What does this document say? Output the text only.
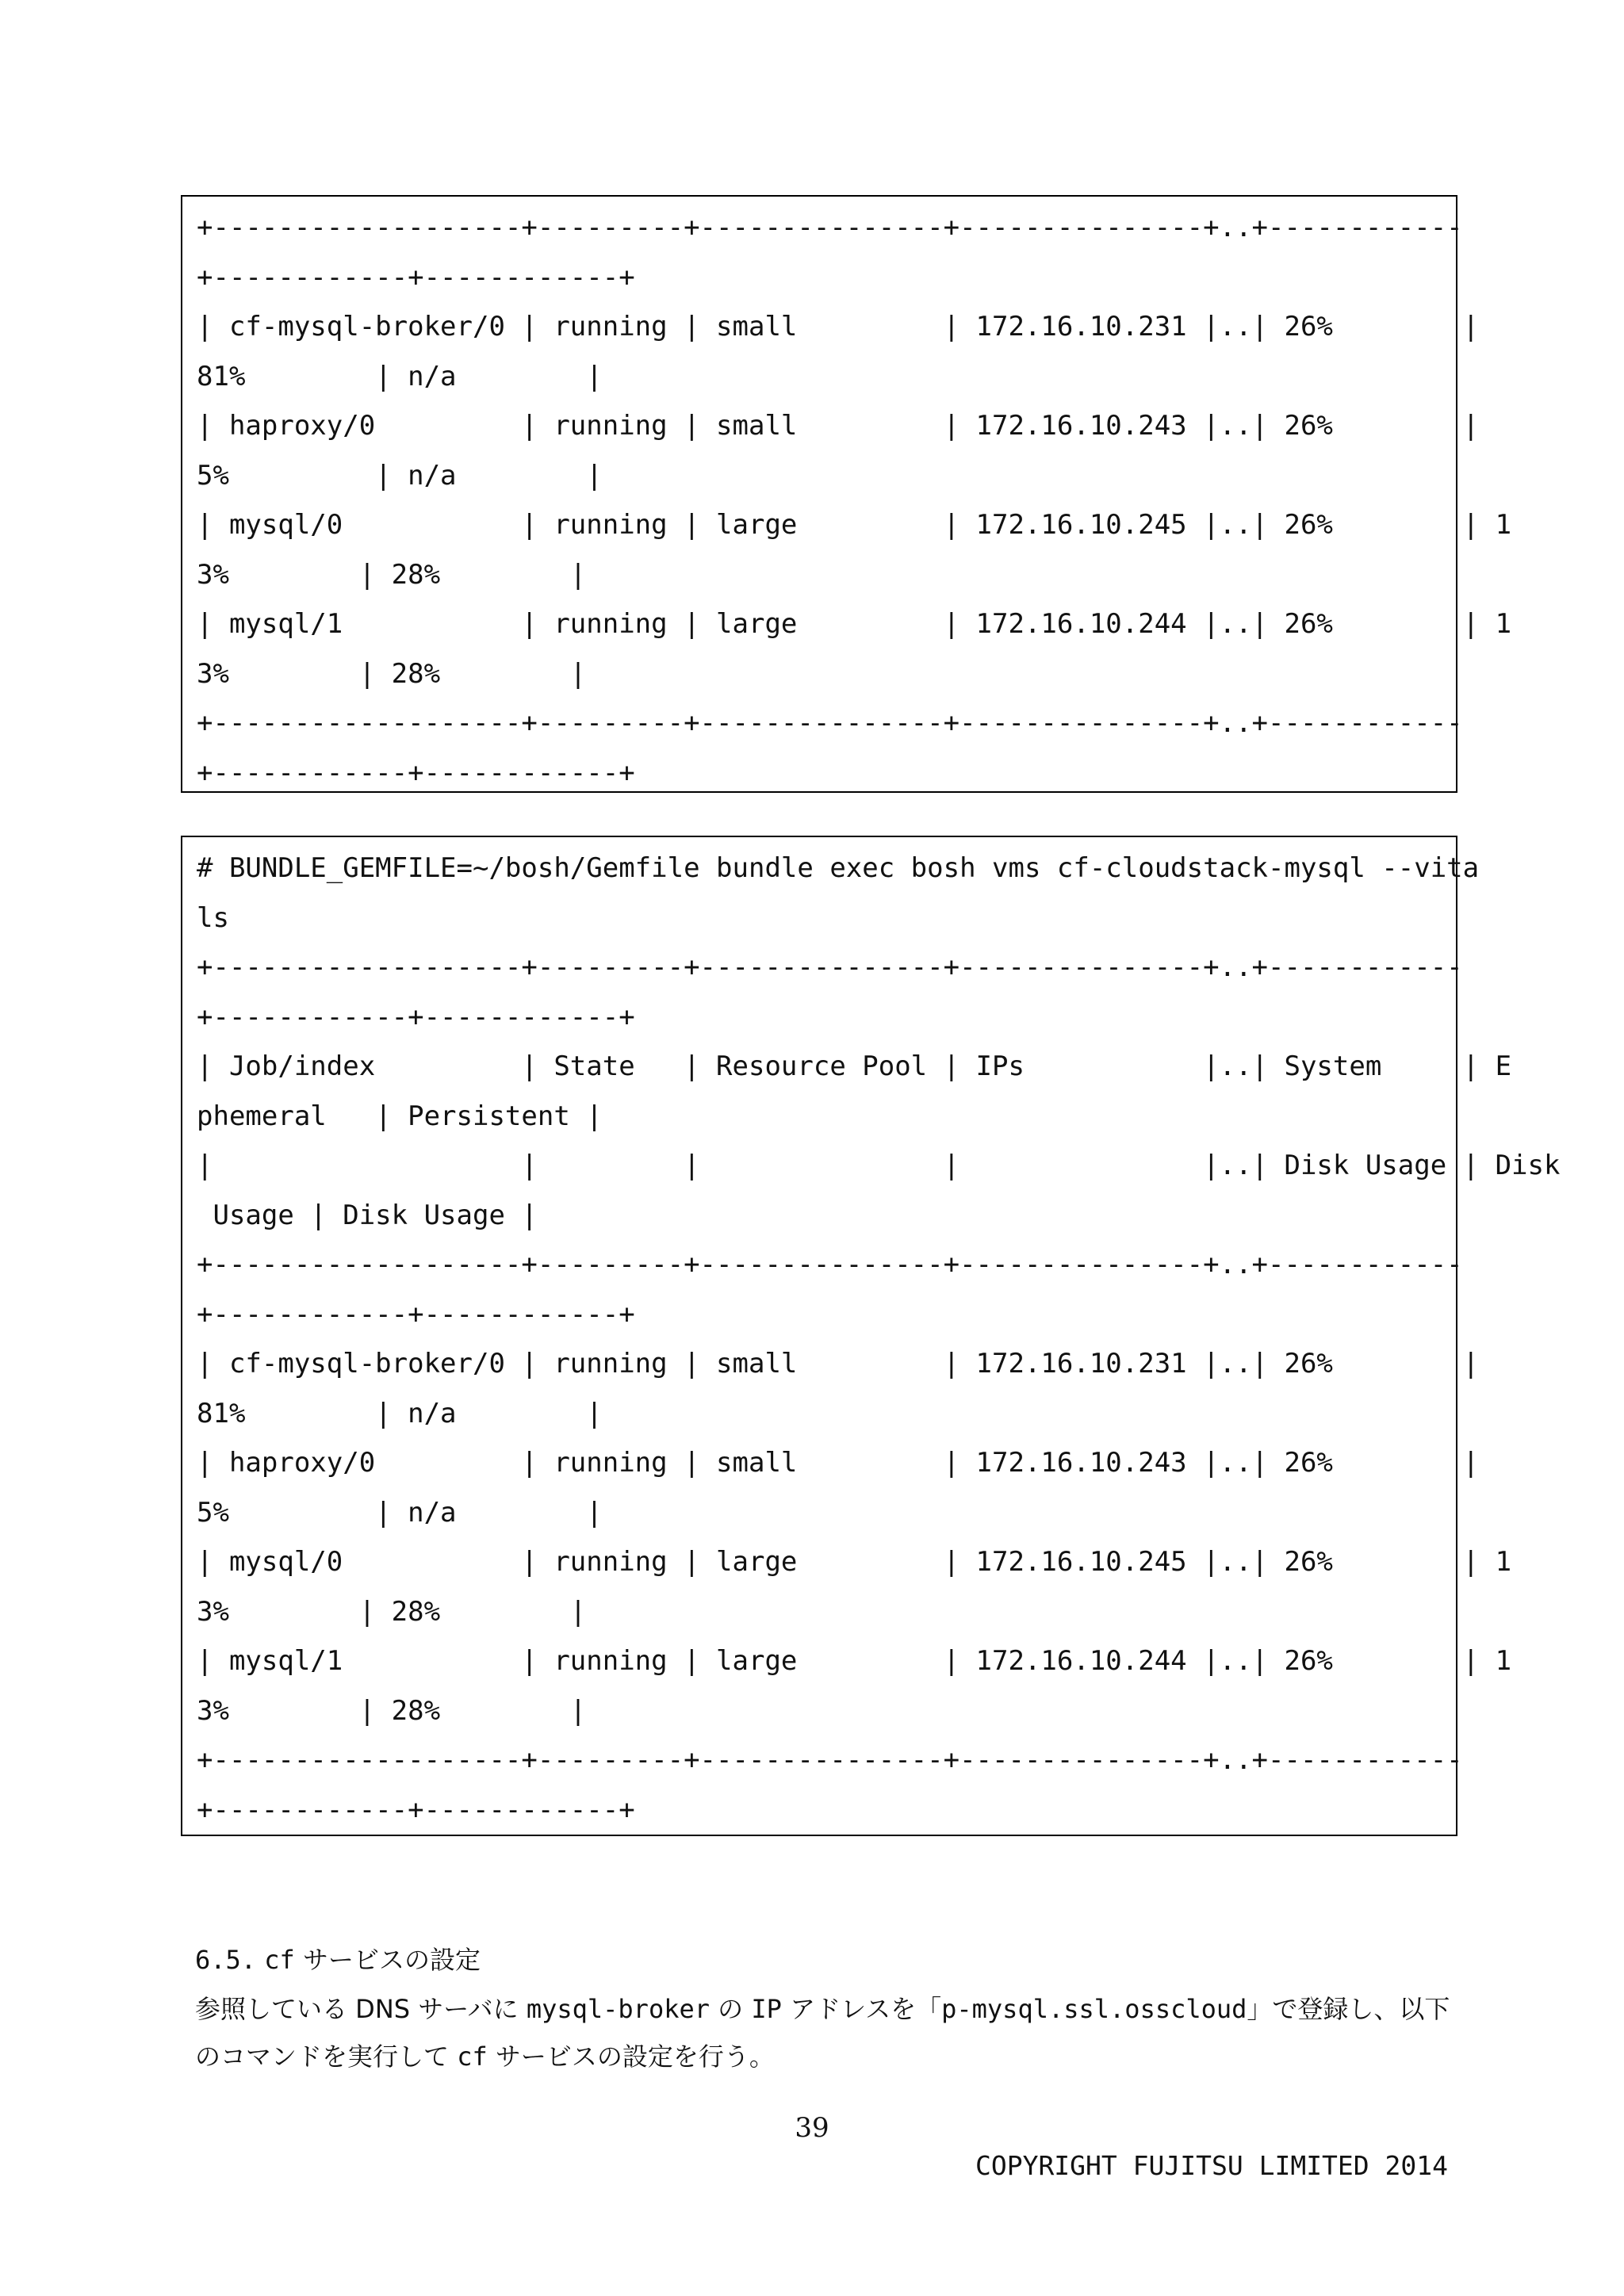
+-------------------+---------+---------------+---------------+..+------------
+------------+------------+
| cf-mysql-broker/0 | running | small         | 172.16.10.231 |..| 26%        |
81%        | n/a        |
| haproxy/0         | running | small         | 172.16.10.243 |..| 26%        |
5%         | n/a        |
| mysql/0           | running | large         | 172.16.10.245 |..| 26%        | 1
3%        | 28%        |
| mysql/1           | running | large         | 172.16.10.244 |..| 26%        | 1
3%        | 28%        |
+-------------------+---------+---------------+---------------+..+------------
+------------+------------+
# BUNDLE_GEMFILE=~/bosh/Gemfile bundle exec bosh vms cf-cloudstack-mysql --vita
ls
+-------------------+---------+---------------+---------------+..+------------
+------------+------------+
| Job/index         | State   | Resource Pool | IPs           |..| System     | E
phemeral   | Persistent |
|                   |         |               |               |..| Disk Usage | Disk
Usage | Disk Usage |
+-------------------+---------+---------------+---------------+..+------------
+------------+------------+
| cf-mysql-broker/0 | running | small         | 172.16.10.231 |..| 26%        |
81%        | n/a        |
| haproxy/0         | running | small         | 172.16.10.243 |..| 26%        |
5%         | n/a        |
| mysql/0           | running | large         | 172.16.10.245 |..| 26%        | 1
3%        | 28%        |
| mysql/1           | running | large         | 172.16.10.244 |..| 26%        | 1
3%        | 28%        |
+-------------------+---------+---------------+---------------+..+------------
+------------+------------+
6.5. cf サービスの設定
参照している DNS サーバに mysql-broker の IP アドレスを「p-mysql.ssl.osscloud」で登録し、以下
のコマンドを実行して cf サービスの設定を行う。
39
COPYRIGHT FUJITSU LIMITED 2014
